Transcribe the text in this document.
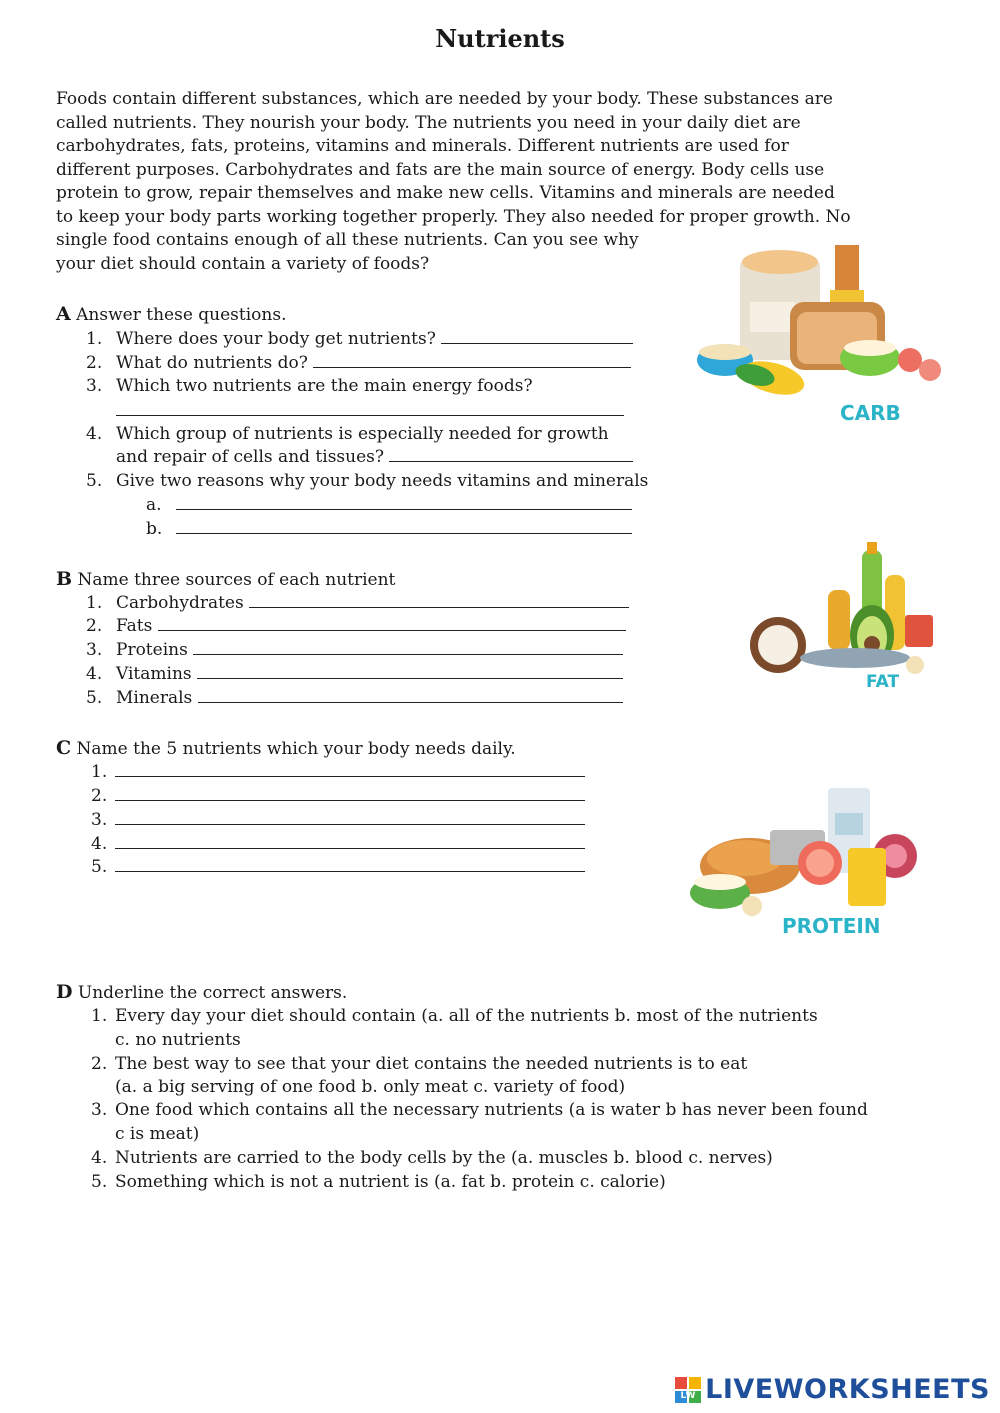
Nutrients
Foods contain different substances, which are needed by your body. These substances are
called nutrients. They nourish your body. The nutrients you need in your daily diet are
carbohydrates, fats, proteins, vitamins and minerals. Different nutrients are used for
different purposes. Carbohydrates and fats are the main source of energy. Body cells use
protein to grow, repair themselves and make new cells. Vitamins and minerals are needed
to keep your body parts working together properly. They also needed for proper growth. No
single food contains enough of all these nutrients. Can you see why
your diet should contain a variety of foods?
A Answer these questions.
1. Where does your body get nutrients?
2. What do nutrients do?
3. Which two nutrients are the main energy foods?
4. Which group of nutrients is especially needed for growth
and repair of cells and tissues?
5. Give two reasons why your body needs vitamins and minerals
a.
b.
B Name three sources of each nutrient
1. Carbohydrates
2. Fats
3. Proteins
4. Vitamins
5. Minerals
C Name the 5 nutrients which your body needs daily.
1.
2.
3.
4.
5.
D Underline the correct answers.
1. Every day your diet should contain (a. all of the nutrients b. most of the nutrients
c. no nutrients
2. The best way to see that your diet contains the needed nutrients is to eat
(a. a big serving of one food b. only meat c. variety of food)
3. One food which contains all the necessary nutrients (a is water b has never been found
c is meat)
4. Nutrients are carried to the body cells by the (a. muscles b. blood c. nerves)
5. Something which is not a nutrient is (a. fat b. protein c. calorie)
CARB
FAT
PROTEIN
LW LIVEWORKSHEETS
